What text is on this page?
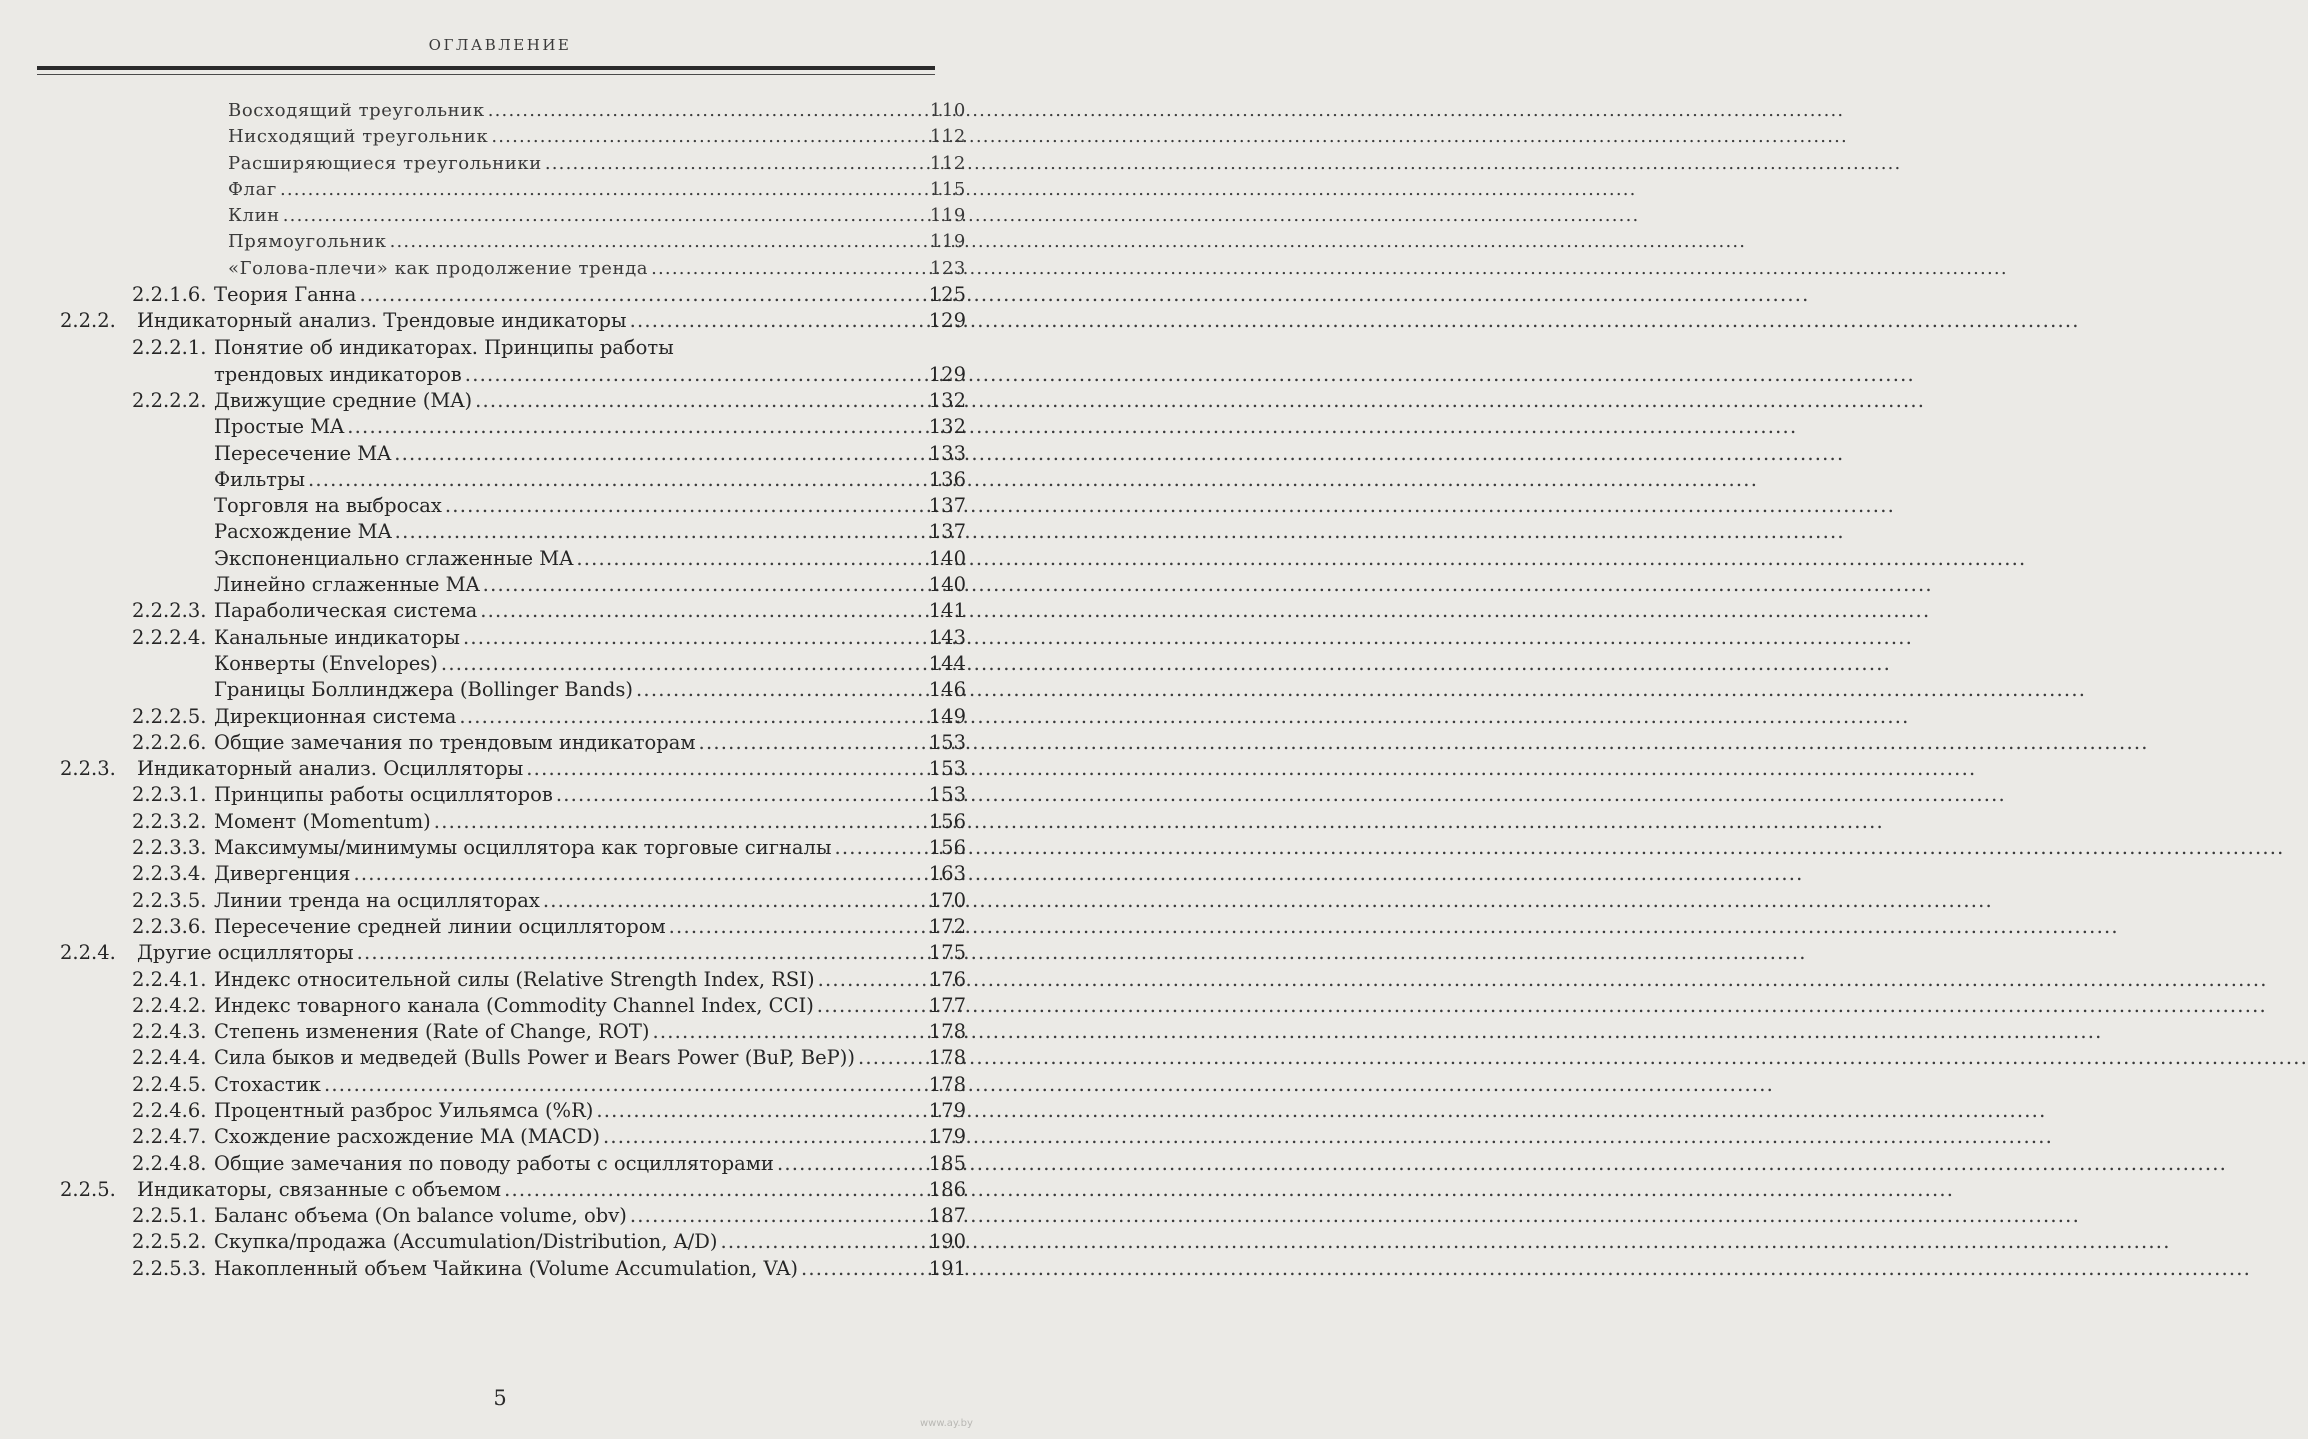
ОГЛАВЛЕНИЕ
Восходящий треугольник .....	110
Нисходящий треугольник .....	112
Расширяющиеся треугольники .....	112
Флаг .....	115
Клин .....	119
Прямоугольник .....	119
«Голова-плечи» как продолжение тренда .....	123
2.2.1.6. Теория Ганна .....	125
2.2.2. Индикаторный анализ. Трендовые индикаторы .....	129
2.2.2.1. Понятие об индикаторах. Принципы работы
трендовых индикаторов .....	129
2.2.2.2. Движущие средние (MA) .....	132
Простые MA .....	132
Пересечение MA .....	133
Фильтры .....	136
Торговля на выбросах .....	137
Расхождение MA .....	137
Экспоненциально сглаженные MA .....	140
Линейно сглаженные MA .....	140
2.2.2.3. Параболическая система .....	141
2.2.2.4. Канальные индикаторы .....	143
Конверты (Envelopes) .....	144
Границы Боллинджера (Bollinger Bands) .....	146
2.2.2.5. Дирекционная система .....	149
2.2.2.6. Общие замечания по трендовым индикаторам .....	153
2.2.3. Индикаторный анализ. Осцилляторы .....	153
2.2.3.1. Принципы работы осцилляторов .....	153
2.2.3.2. Момент (Momentum) .....	156
2.2.3.3. Максимумы/минимумы осциллятора как торговые сигналы .....	156
2.2.3.4. Дивергенция .....	163
2.2.3.5. Линии тренда на осцилляторах .....	170
2.2.3.6. Пересечение средней линии осциллятором .....	172
2.2.4. Другие осцилляторы .....	175
2.2.4.1. Индекс относительной силы (Relative Strength Index, RSI) .....	176
2.2.4.2. Индекс товарного канала (Commodity Channel Index, CCI) .....	177
2.2.4.3. Степень изменения (Rate of Change, ROT) .....	178
2.2.4.4. Сила быков и медведей (Bulls Power и Bears Power (BuP, BeP)) .....	178
2.2.4.5. Стохастик .....	178
2.2.4.6. Процентный разброс Уильямса (%R) .....	179
2.2.4.7. Схождение расхождение MA (MACD) .....	179
2.2.4.8. Общие замечания по поводу работы с осцилляторами .....	185
2.2.5. Индикаторы, связанные с объемом .....	186
2.2.5.1. Баланс объема (On balance volume, obv) .....	187
2.2.5.2. Скупка/продажа (Accumulation/Distribution, A/D) .....	190
2.2.5.3. Накопленный объем Чайкина (Volume Accumulation, VA) .....	191
5
www.ay.by
